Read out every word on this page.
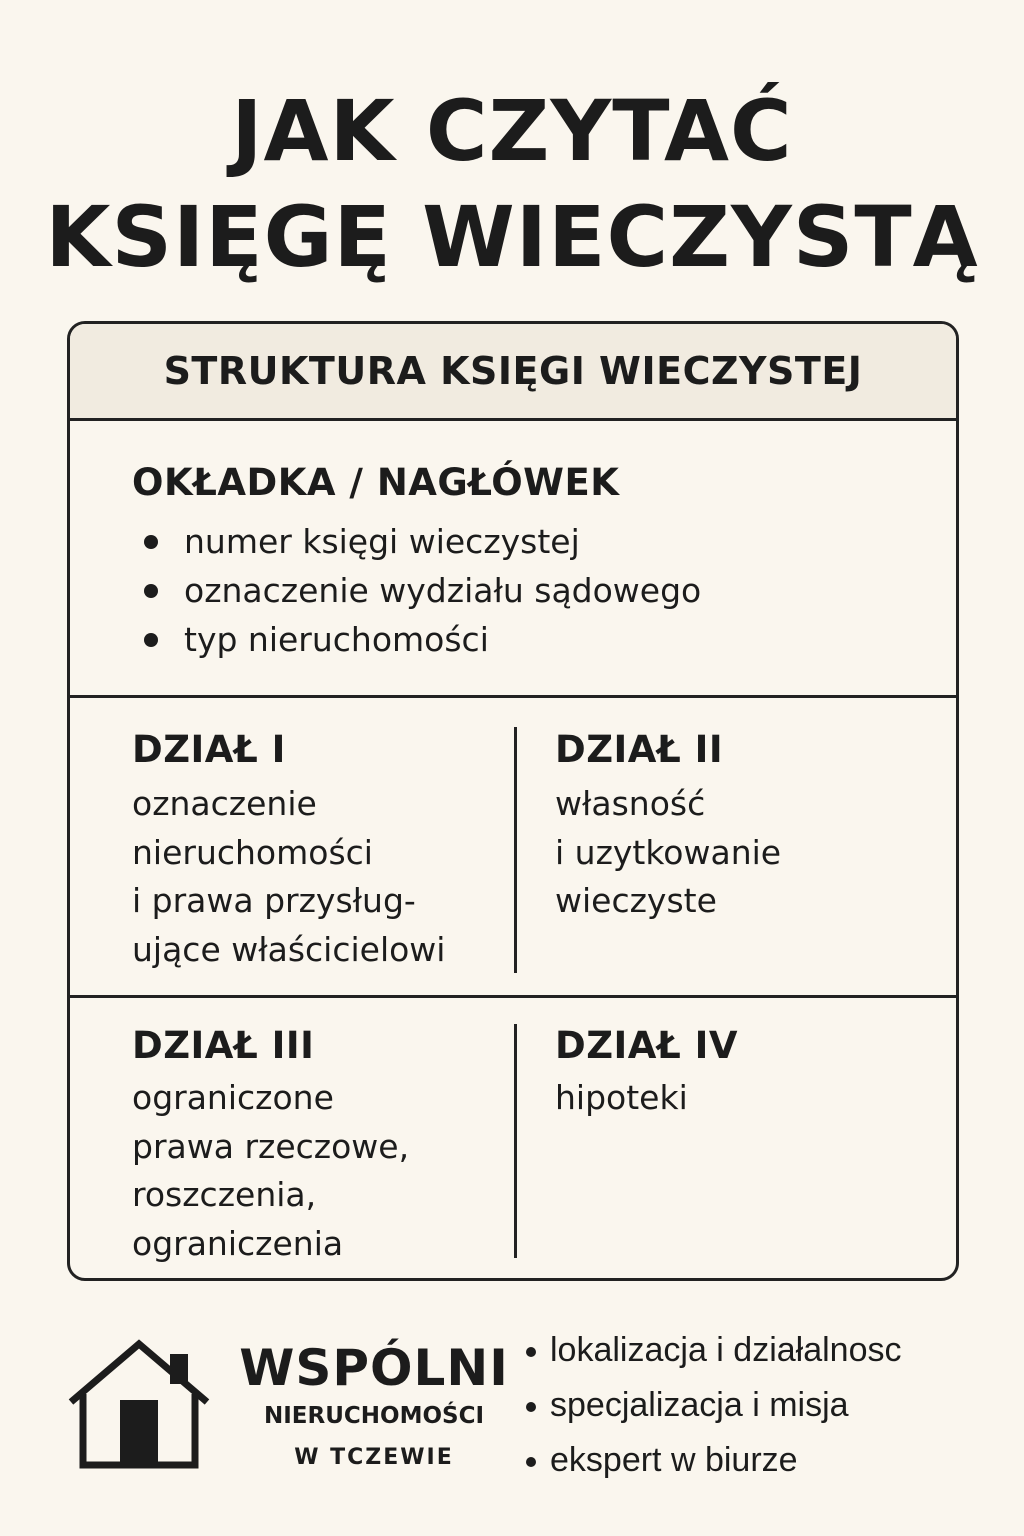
JAK CZYTAĆ
KSIĘGĘ WIECZYSTĄ
STRUKTURA KSIĘGI WIECZYSTEJ
OKŁADKA / NAGŁÓWEK
numer księgi wieczystej
oznaczenie wydziału sądowego
typ nieruchomości
DZIAŁ I
oznaczenie
nieruchomości
i prawa przysług-
ujące właścicielowi
DZIAŁ II
własność
i uzytkowanie
wieczyste
DZIAŁ III
ograniczone
prawa rzeczowe,
roszczenia,
ograniczenia
DZIAŁ IV
hipoteki
WSPÓLNI
NIERUCHOMOŚCI
W TCZEWIE
lokalizacja i działalnosc
specjalizacja i misja
ekspert w biurze
